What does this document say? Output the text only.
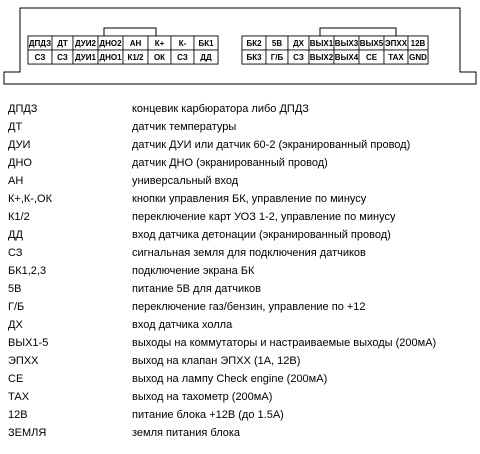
ДПДЗ ДТ ДУИ2 ДНО2 АН К+ К- БК1
СЗ СЗ ДУИ1 ДНО1 К1/2 ОК СЗ ДД
БК2 5В ДХ ВЫХ1 ВЫХ3 ВЫХ5 ЭПХХ 12В
БК3 Г/Б СЗ ВЫХ2 ВЫХ4 СЕ ТАХ GND
ДПДЗ	концевик карбюратора либо ДПДЗ
ДТ	датчик температуры
ДУИ	датчик ДУИ или датчик 60-2 (экранированный провод)
ДНО	датчик ДНО (экранированный провод)
АН	универсальный вход
К+,К-,ОК	кнопки управления БК, управление по минусу
К1/2	переключение карт УОЗ 1-2, управление по минусу
ДД	вход датчика детонации (экранированный провод)
СЗ	сигнальная земля для подключения датчиков
БК1,2,3	подключение экрана БК
5В	питание 5В для датчиков
Г/Б	переключение газ/бензин, управление по +12
ДХ	вход датчика холла
ВЫХ1-5	выходы на коммутаторы и настраиваемые выходы (200мА)
ЭПХХ	выход на клапан ЭПХХ (1А, 12В)
СЕ	выход на лампу Check engine (200мА)
ТАХ	выход на тахометр (200мА)
12В	питание блока +12В (до 1.5А)
ЗЕМЛЯ	земля питания блока
